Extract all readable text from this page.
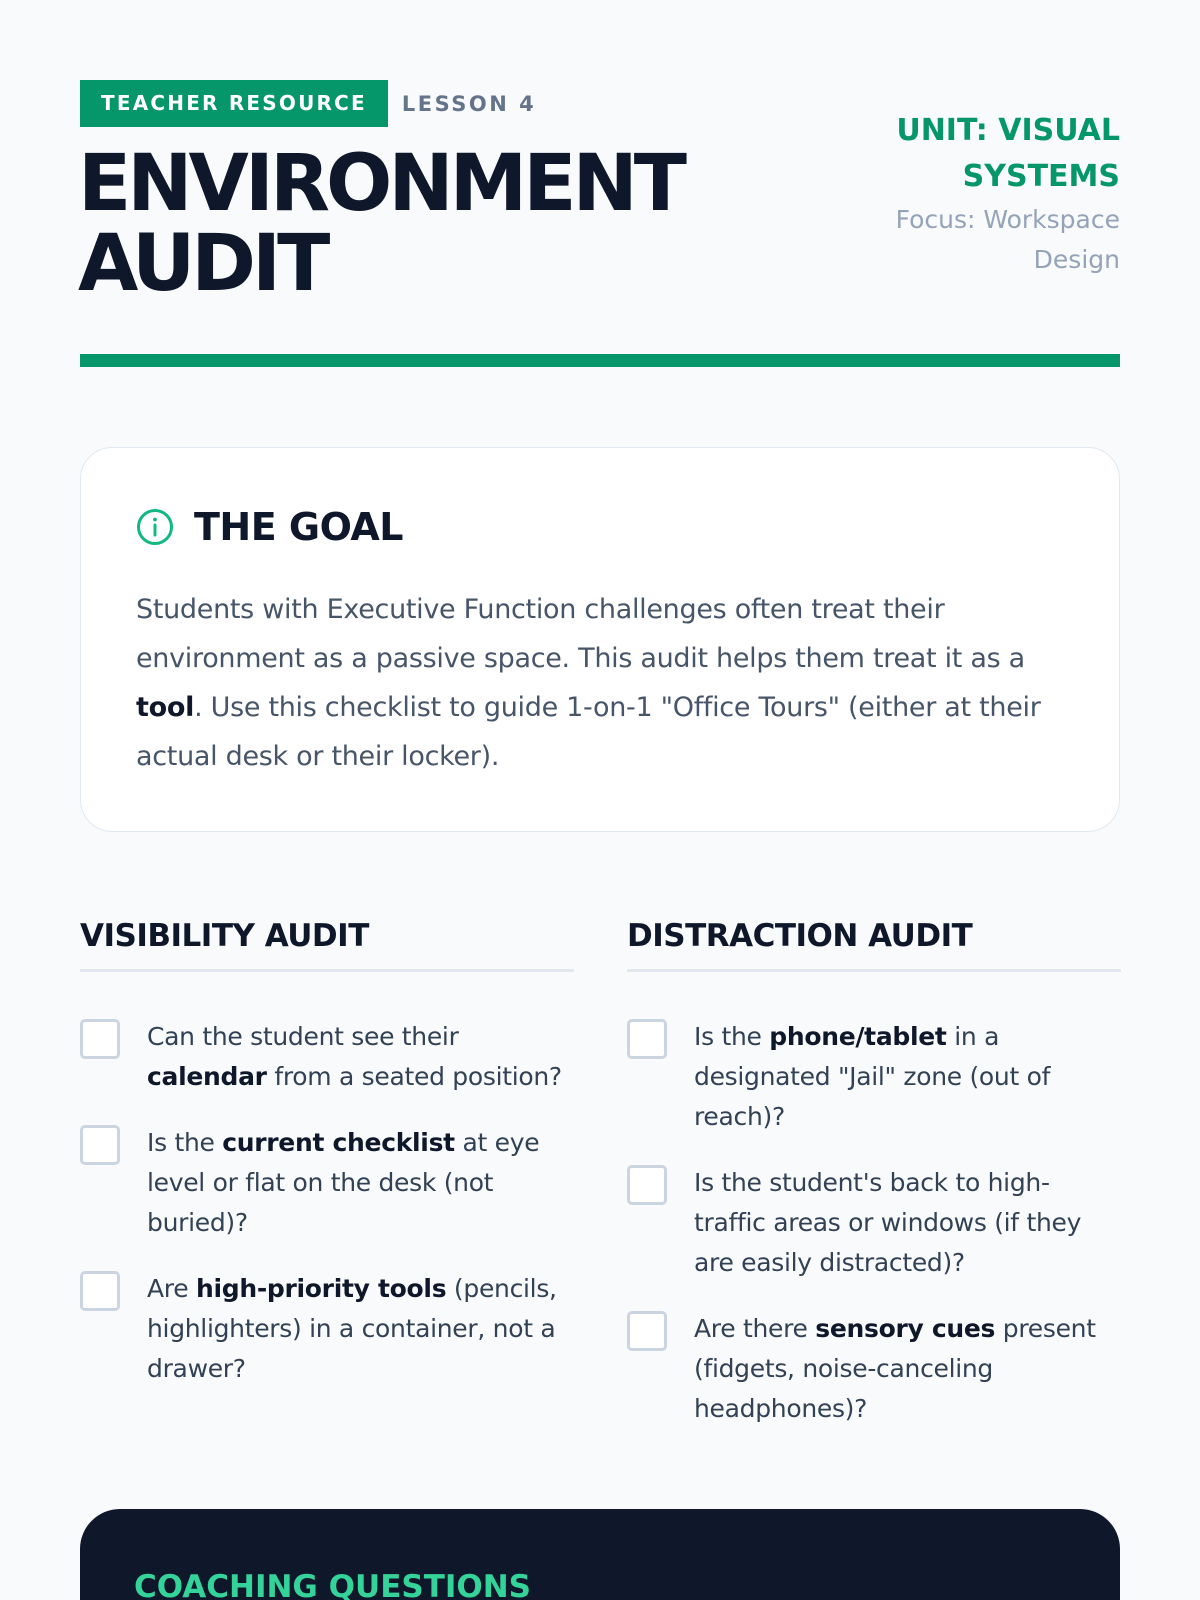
TEACHER RESOURCE	LESSON 4
ENVIRONMENT
AUDIT
UNIT: VISUAL SYSTEMS
Focus: Workspace Design
THE GOAL

Students with Executive Function challenges often treat their environment as a passive space. This audit helps them treat it as a tool. Use this checklist to guide 1-on-1 "Office Tours" (either at their actual desk or their locker).

VISIBILITY AUDIT
Can the student see their calendar from a seated position?
Is the current checklist at eye level or flat on the desk (not buried)?
Are high-priority tools (pencils, highlighters) in a container, not a drawer?
DISTRACTION AUDIT
Is the phone/tablet in a designated "Jail" zone (out of reach)?
Is the student's back to high-traffic areas or windows (if they are easily distracted)?
Are there sensory cues present (fidgets, noise-canceling headphones)?
COACHING QUESTIONS
